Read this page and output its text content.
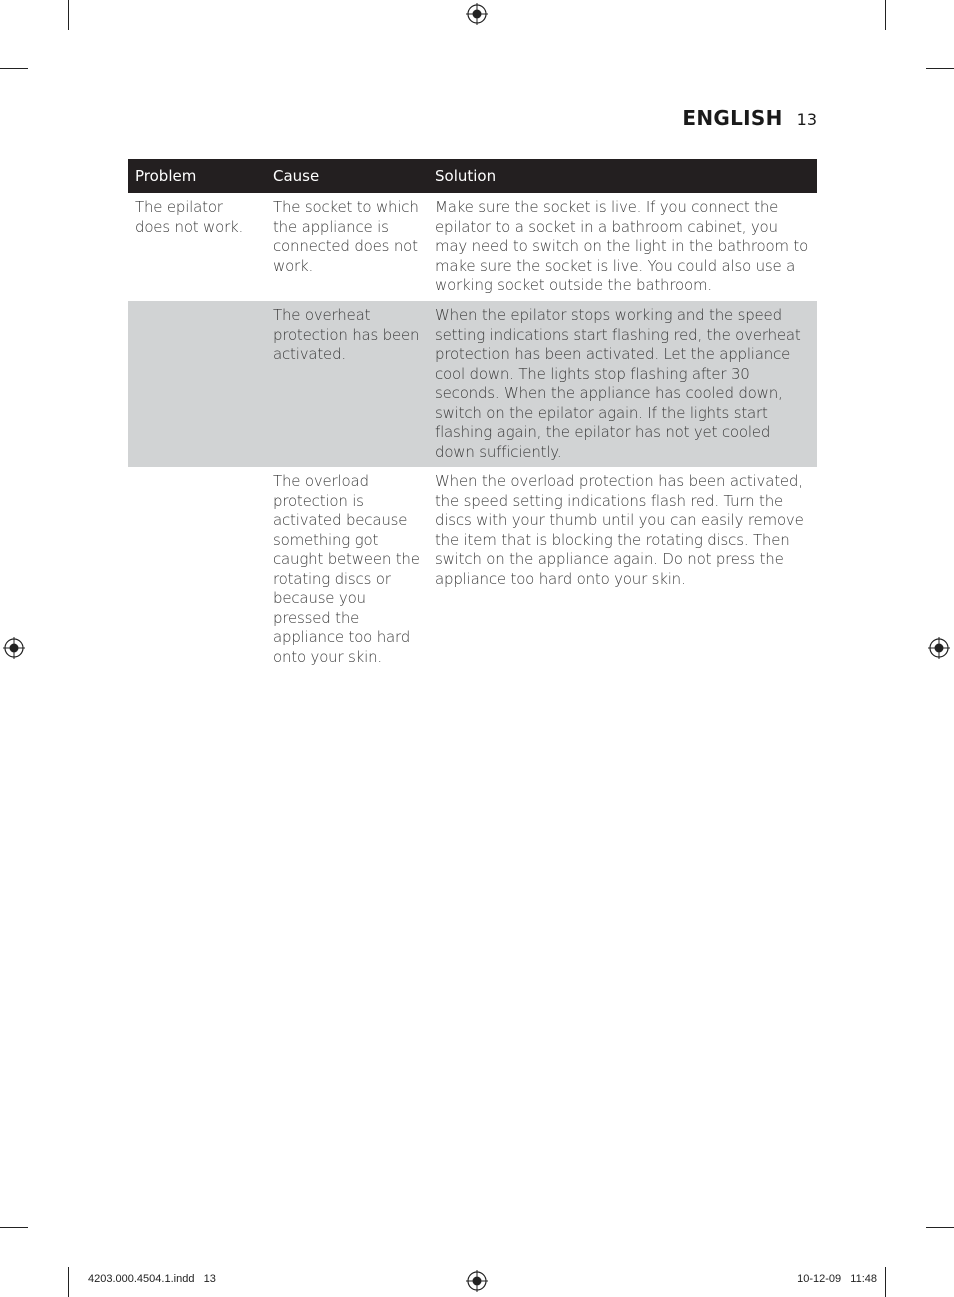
ENGLISH 13
Problem	Cause	Solution
The epilator does not work.	The socket to which the appliance is connected does not work.	Make sure the socket is live. If you connect the epilator to a socket in a bathroom cabinet, you may need to switch on the light in the bathroom to make sure the socket is live. You could also use a working socket outside the bathroom.
	The overheat protection has been activated.	When the epilator stops working and the speed setting indications start flashing red, the overheat protection has been activated. Let the appliance cool down. The lights stop flashing after 30 seconds. When the appliance has cooled down, switch on the epilator again. If the lights start flashing again, the epilator has not yet cooled down sufficiently.
	The overload protection is activated because something got caught between the rotating discs or because you pressed the appliance too hard onto your skin.	When the overload protection has been activated, the speed setting indications flash red. Turn the discs with your thumb until you can easily remove the item that is blocking the rotating discs. Then switch on the appliance again. Do not press the appliance too hard onto your skin.
4203.000.4504.1.indd   13	10-12-09   11:48
